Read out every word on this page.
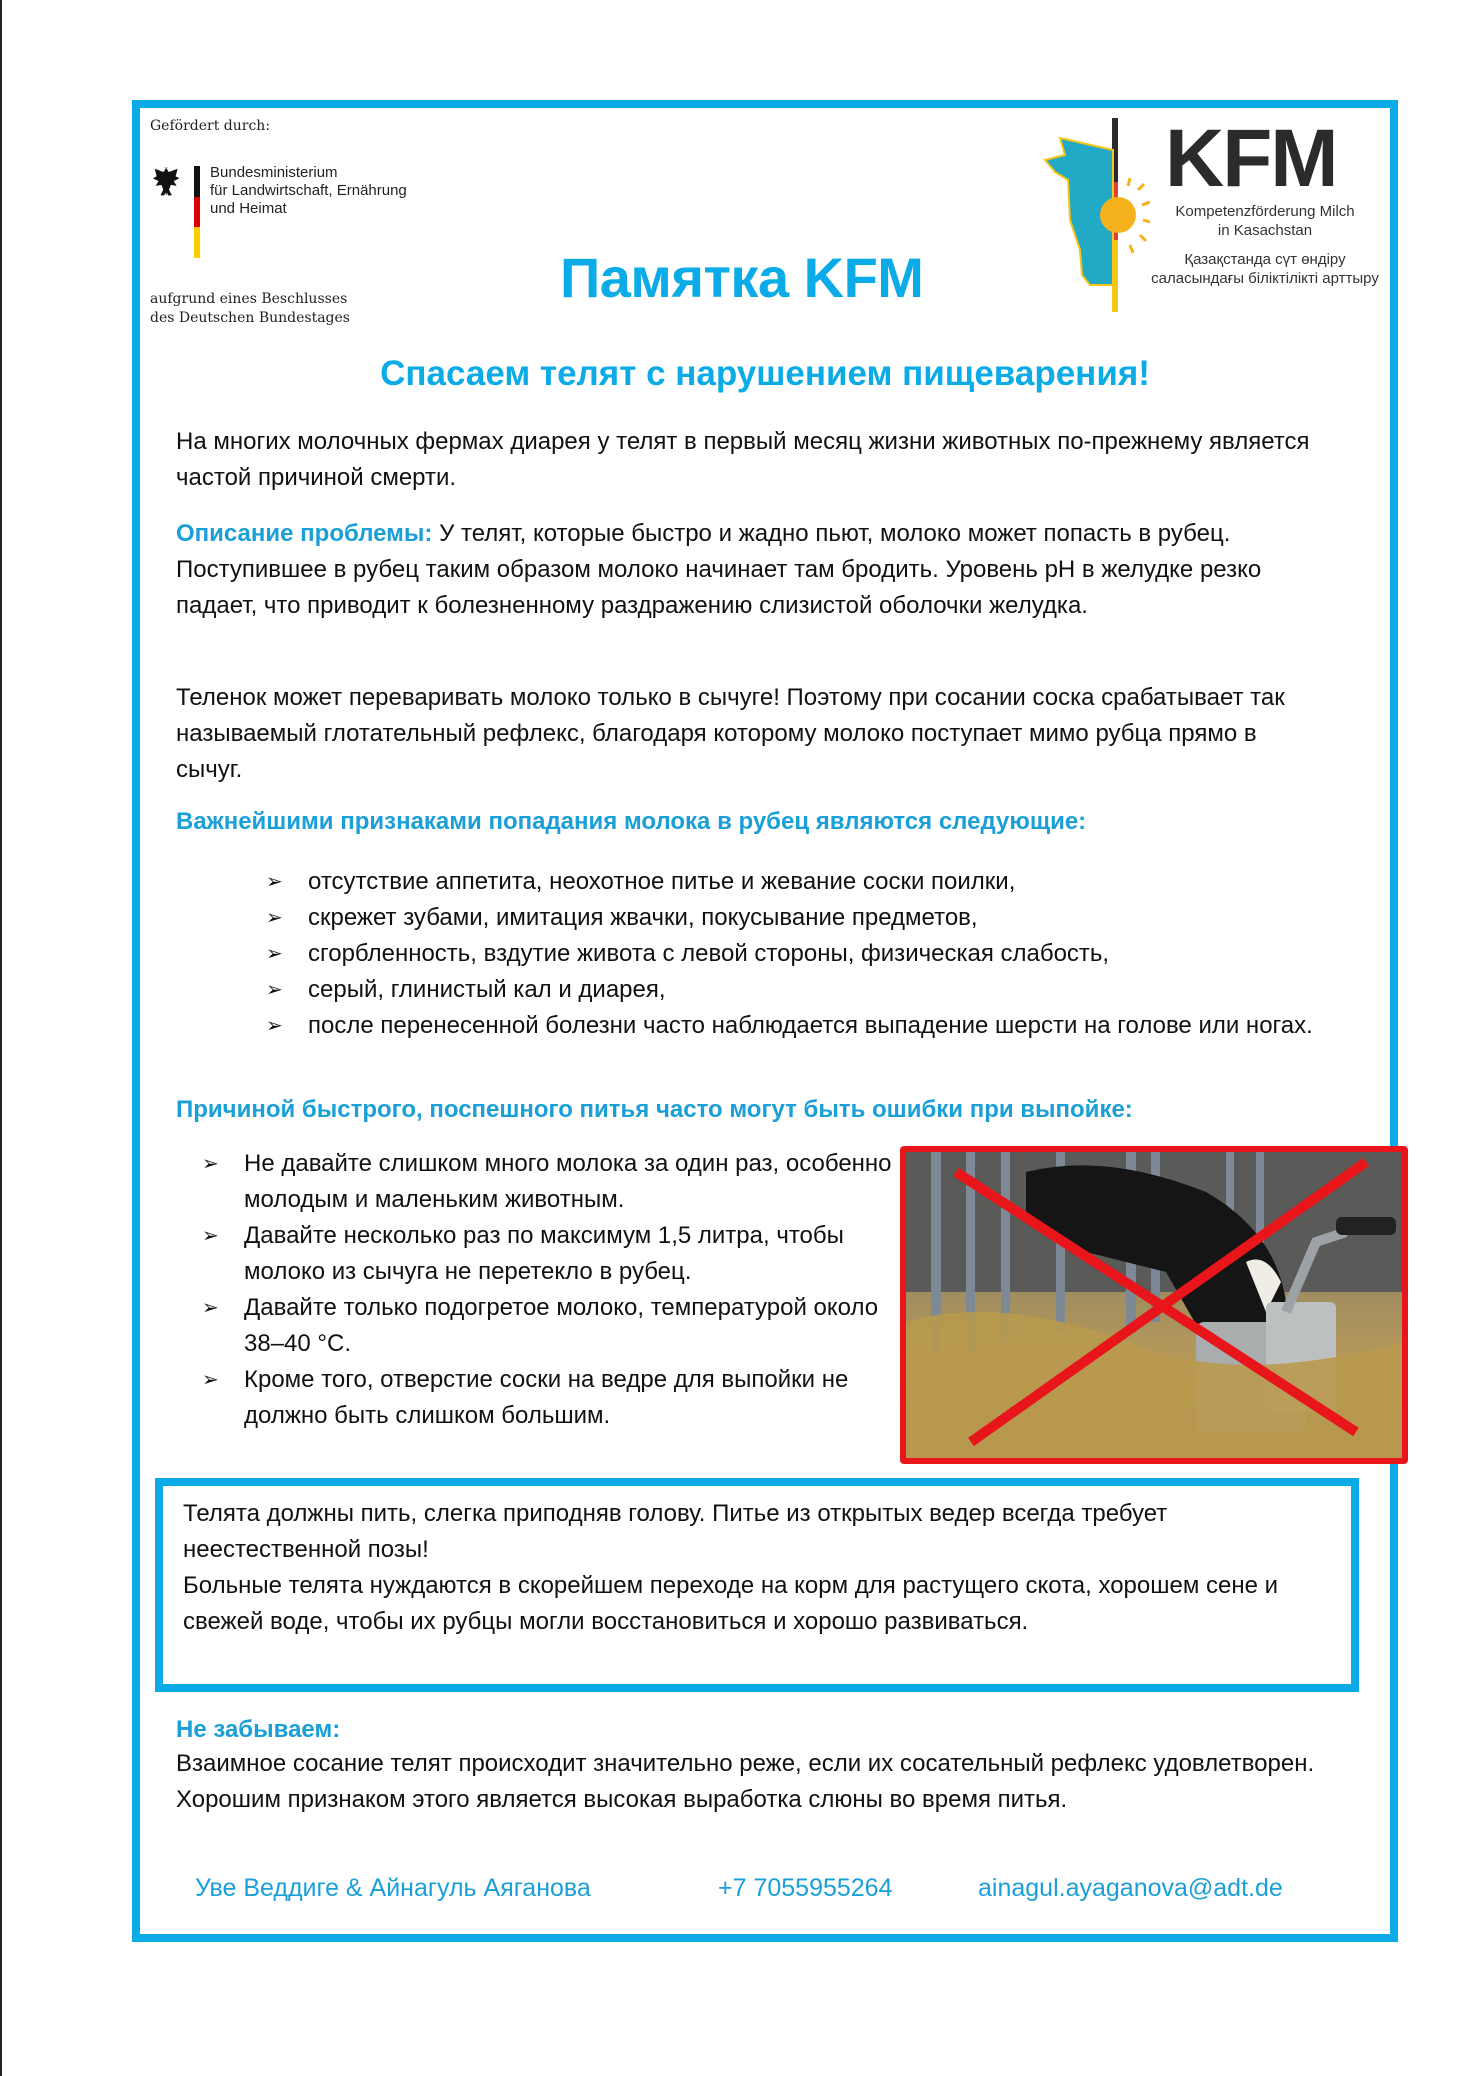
Gefördert durch:
Bundesministerium
für Landwirtschaft, Ernährung
und Heimat
aufgrund eines Beschlusses
des Deutschen Bundestages
Памятка KFM
KFM
Kompetenzförderung Milch
in Kasachstan
Қазақстанда сүт өндіру
саласындағы біліктілікті арттыру
Спасаем телят с нарушением пищеварения!
На многих молочных фермах диарея у телят в первый месяц жизни животных по-прежнему является частой причиной смерти.
Описание проблемы: У телят, которые быстро и жадно пьют, молоко может попасть в рубец. Поступившее в рубец таким образом молоко начинает там бродить. Уровень pH в желудке резко падает, что приводит к болезненному раздражению слизистой оболочки желудка.
Теленок может переваривать молоко только в сычуге! Поэтому при сосании соска срабатывает так называемый глотательный рефлекс, благодаря которому молоко поступает мимо рубца прямо в сычуг.
Важнейшими признаками попадания молока в рубец являются следующие:
➢ отсутствие аппетита, неохотное питье и жевание соски поилки,
➢ скрежет зубами, имитация жвачки, покусывание предметов,
➢ сгорбленность, вздутие живота с левой стороны, физическая слабость,
➢ серый, глинистый кал и диарея,
➢ после перенесенной болезни часто наблюдается выпадение шерсти на голове или ногах.
Причиной быстрого, поспешного питья часто могут быть ошибки при выпойке:
➢ Не давайте слишком много молока за один раз, особенно молодым и маленьким животным.
➢ Давайте несколько раз по максимум 1,5 литра, чтобы молоко из сычуга не перетекло в рубец.
➢ Давайте только подогретое молоко, температурой около 38–40 °C.
➢ Кроме того, отверстие соски на ведре для выпойки не должно быть слишком большим.
Телята должны пить, слегка приподняв голову. Питье из открытых ведер всегда требует неестественной позы!
Больные телята нуждаются в скорейшем переходе на корм для растущего скота, хорошем сене и свежей воде, чтобы их рубцы могли восстановиться и хорошо развиваться.
Не забываем:
Взаимное сосание телят происходит значительно реже, если их сосательный рефлекс удовлетворен. Хорошим признаком этого является высокая выработка слюны во время питья.
Уве Веддиге & Айнагуль Аяганова	+7 7055955264	ainagul.ayaganova@adt.de
